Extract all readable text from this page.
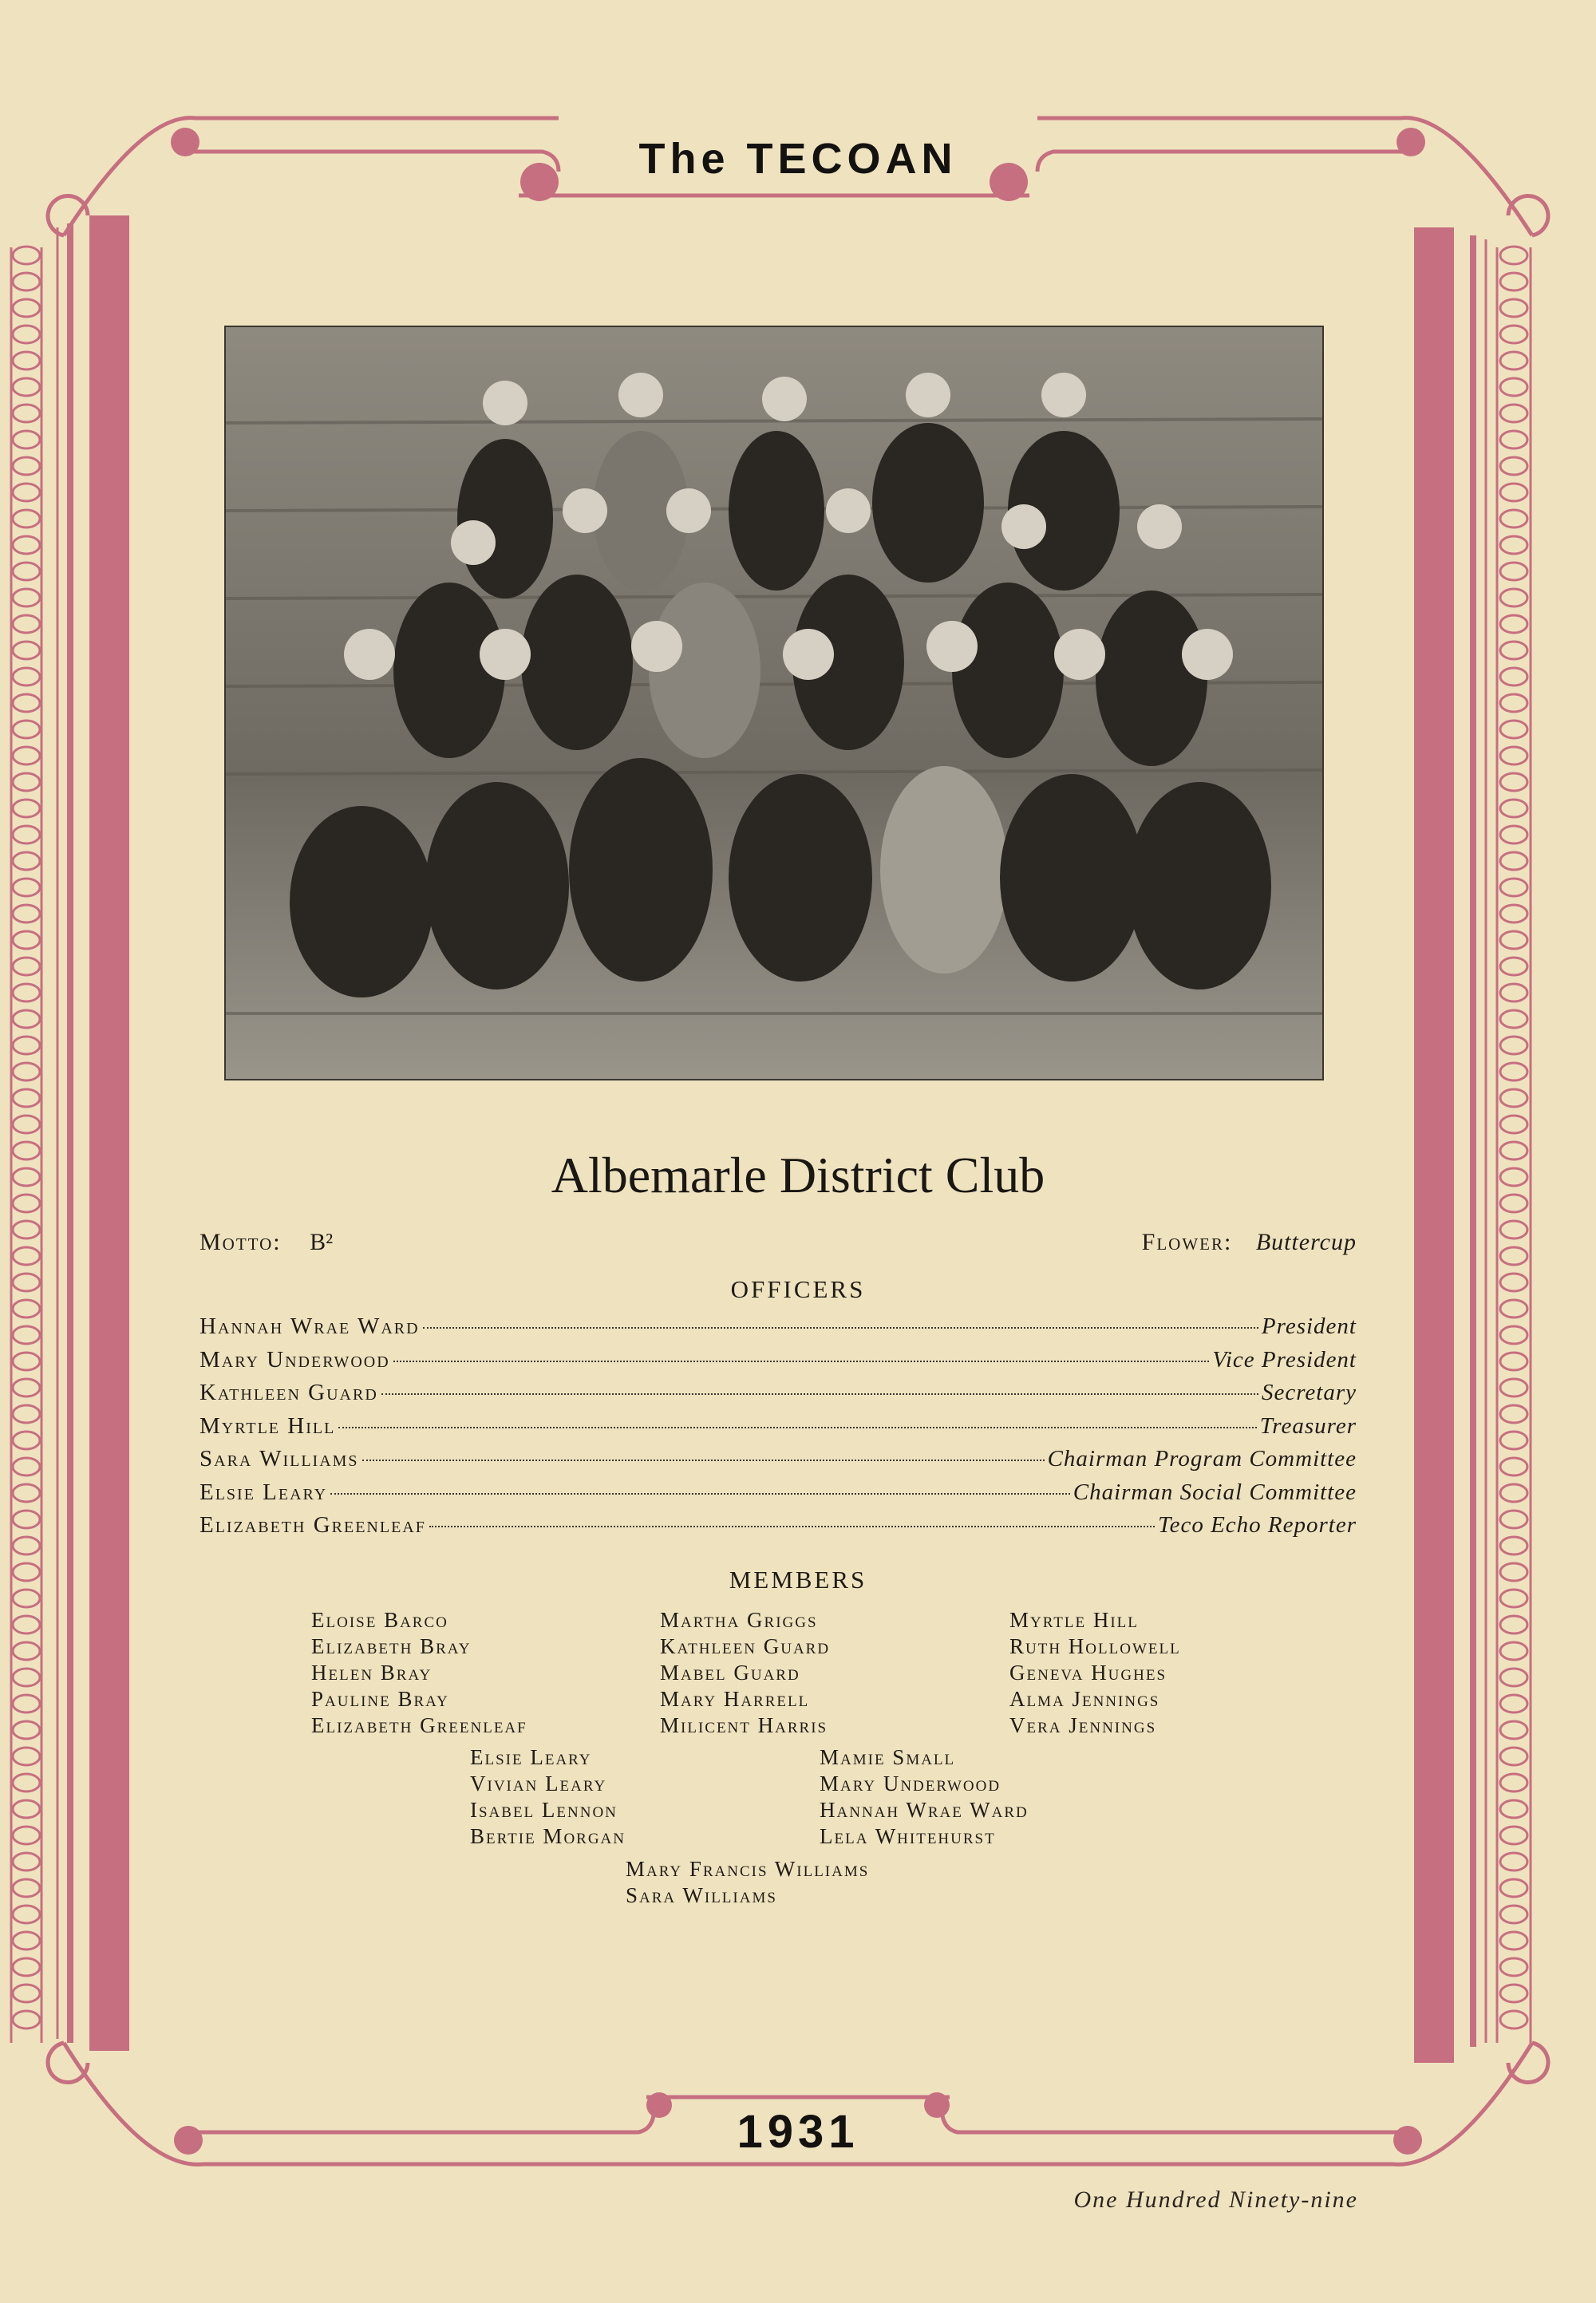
The TECOAN
Albemarle District Club
Motto: B²	Flower: Buttercup
OFFICERS
Hannah Wrae Ward	President
Mary Underwood	Vice President
Kathleen Guard	Secretary
Myrtle Hill	Treasurer
Sara Williams	Chairman Program Committee
Elsie Leary	Chairman Social Committee
Elizabeth Greenleaf	Teco Echo Reporter
MEMBERS
Eloise Barco
Elizabeth Bray
Helen Bray
Pauline Bray
Elizabeth Greenleaf
Martha Griggs
Kathleen Guard
Mabel Guard
Mary Harrell
Milicent Harris
Myrtle Hill
Ruth Hollowell
Geneva Hughes
Alma Jennings
Vera Jennings
Elsie Leary
Vivian Leary
Isabel Lennon
Bertie Morgan
Mamie Small
Mary Underwood
Hannah Wrae Ward
Lela Whitehurst
Mary Francis Williams
Sara Williams
1931
One Hundred Ninety-nine
